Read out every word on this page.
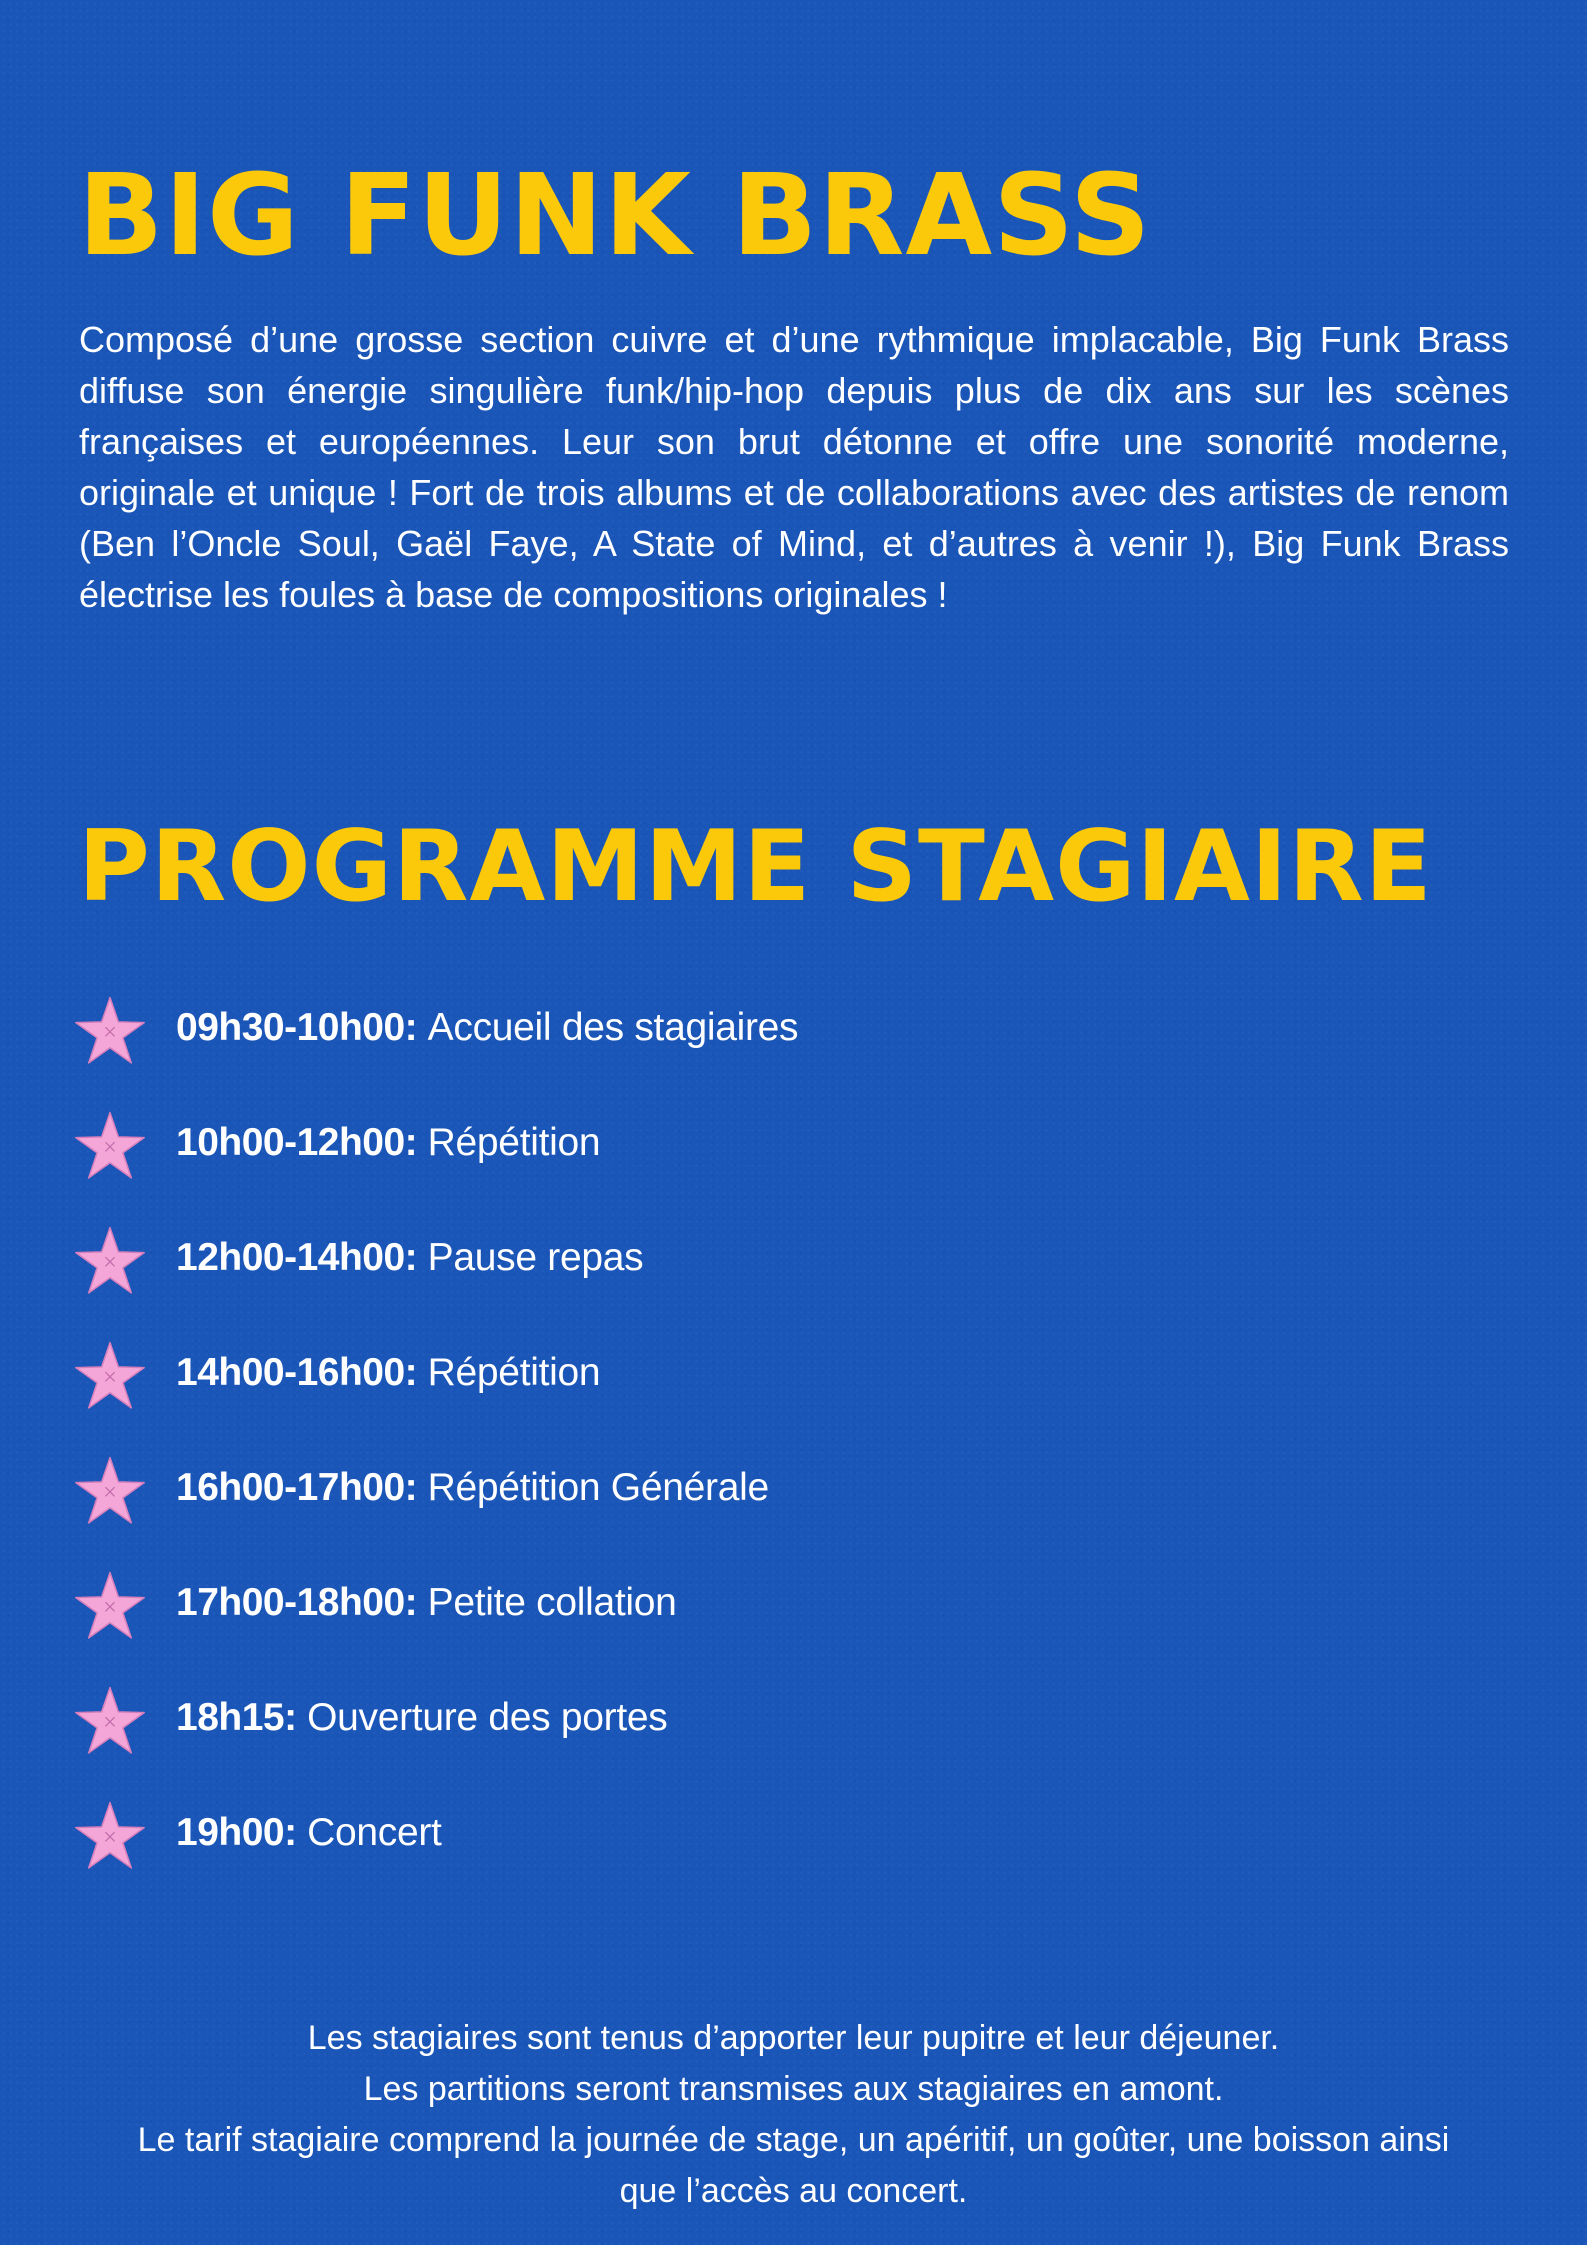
BIG FUNK BRASS

Composé d’une grosse section cuivre et d’une rythmique implacable, Big Funk Brass diffuse son énergie singulière funk/hip-hop depuis plus de dix ans sur les scènes françaises et européennes. Leur son brut détonne et offre une sonorité moderne, originale et unique ! Fort de trois albums et de collaborations avec des artistes de renom (Ben l’Oncle Soul, Gaël Faye, A State of Mind, et d’autres à venir !), Big Funk Brass électrise les foules à base de compositions originales !

PROGRAMME STAGIAIRE
09h30-10h00 : Accueil des stagiaires
10h00-12h00 : Répétition
12h00-14h00 : Pause repas
14h00-16h00 : Répétition
16h00-17h00 : Répétition Générale
17h00-18h00 : Petite collation
18h15 : Ouverture des portes
19h00 : Concert
Les stagiaires sont tenus d’apporter leur pupitre et leur déjeuner.
Les partitions seront transmises aux stagiaires en amont.
Le tarif stagiaire comprend la journée de stage, un apéritif, un goûter, une boisson ainsi
que l’accès au concert.
